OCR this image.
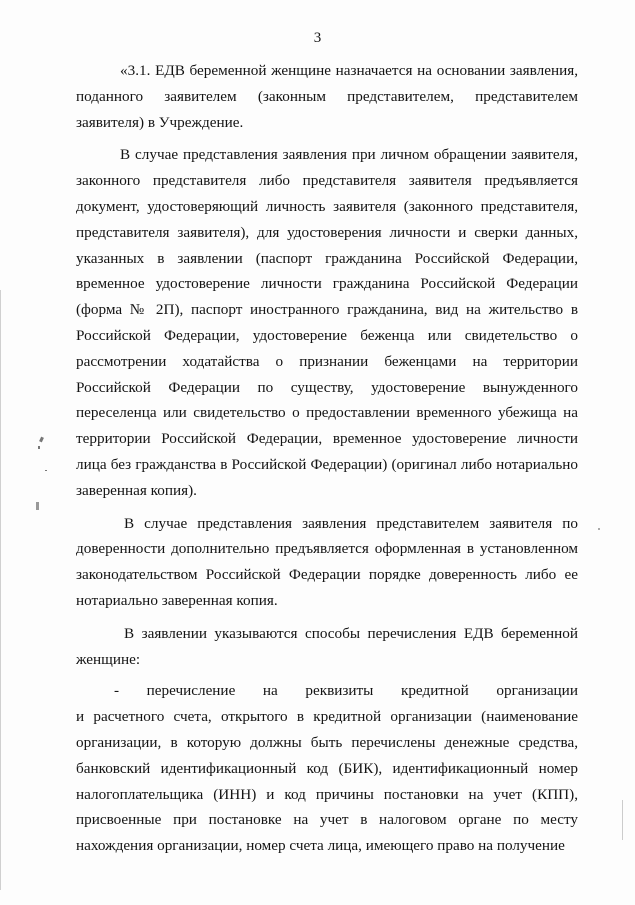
3

«3.1. ЕДВ беременной женщине назначается на основании заявления, поданного заявителем (законным представителем, представителем заявителя) в Учреждение.

В случае представления заявления при личном обращении заявителя, законного представителя либо представителя заявителя предъявляется документ, удостоверяющий личность заявителя (законного представителя, представителя заявителя), для удостоверения личности и сверки данных, указанных в заявлении (паспорт гражданина Российской Федерации, временное удостоверение личности гражданина Российской Федерации (форма № 2П), паспорт иностранного гражданина, вид на жительство в Российской Федерации, удостоверение беженца или свидетельство о рассмотрении ходатайства о признании беженцами на территории Российской Федерации по существу, удостоверение вынужденного переселенца или свидетельство о предоставлении временного убежища на территории Российской Федерации, временное удостоверение личности лица без гражданства в Российской Федерации) (оригинал либо нотариально заверенная копия).

В случае представления заявления представителем заявителя по доверенности дополнительно предъявляется оформленная в установленном законодательством Российской Федерации порядке доверенность либо ее нотариально заверенная копия.

В заявлении указываются способы перечисления ЕДВ беременной женщине:

- перечисление на реквизиты кредитной организации

и расчетного счета, открытого в кредитной организации (наименование организации, в которую должны быть перечислены денежные средства, банковский идентификационный код (БИК), идентификационный номер налогоплательщика (ИНН) и код причины постановки на учет (КПП), присвоенные при постановке на учет в налоговом органе по месту нахождения организации, номер счета лица, имеющего право на получение
